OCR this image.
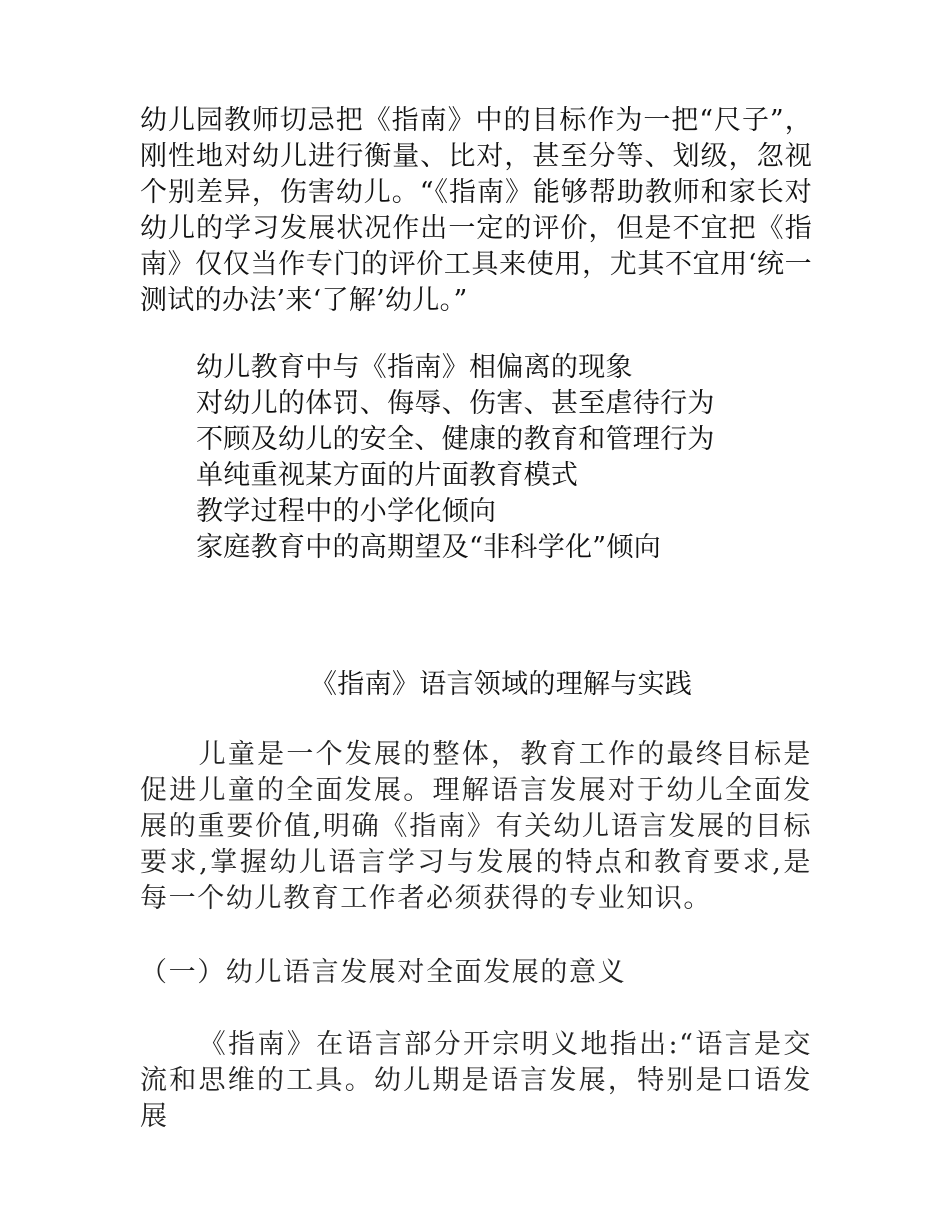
幼儿园教师切忌把《指南》中的目标作为一把“尺子”，刚性地对幼儿进行衡量、比对，甚至分等、划级，忽视个别差异，伤害幼儿。“《指南》能够帮助教师和家长对幼儿的学习发展状况作出一定的评价，但是不宜把《指南》仅仅当作专门的评价工具来使用，尤其不宜用‘统一测试的办法’来‘了解’幼儿。”

幼儿教育中与《指南》相偏离的现象
对幼儿的体罚、侮辱、伤害、甚至虐待行为
不顾及幼儿的安全、健康的教育和管理行为
单纯重视某方面的片面教育模式
教学过程中的小学化倾向
家庭教育中的高期望及“非科学化”倾向
《指南》语言领域的理解与实践

儿童是一个发展的整体，教育工作的最终目标是促进儿童的全面发展。理解语言发展对于幼儿全面发展的重要价值,明确《指南》有关幼儿语言发展的目标要求,掌握幼儿语言学习与发展的特点和教育要求,是每一个幼儿教育工作者必须获得的专业知识。

（一）幼儿语言发展对全面发展的意义

《指南》在语言部分开宗明义地指出:“语言是交流和思维的工具。幼儿期是语言发展，特别是口语发展
